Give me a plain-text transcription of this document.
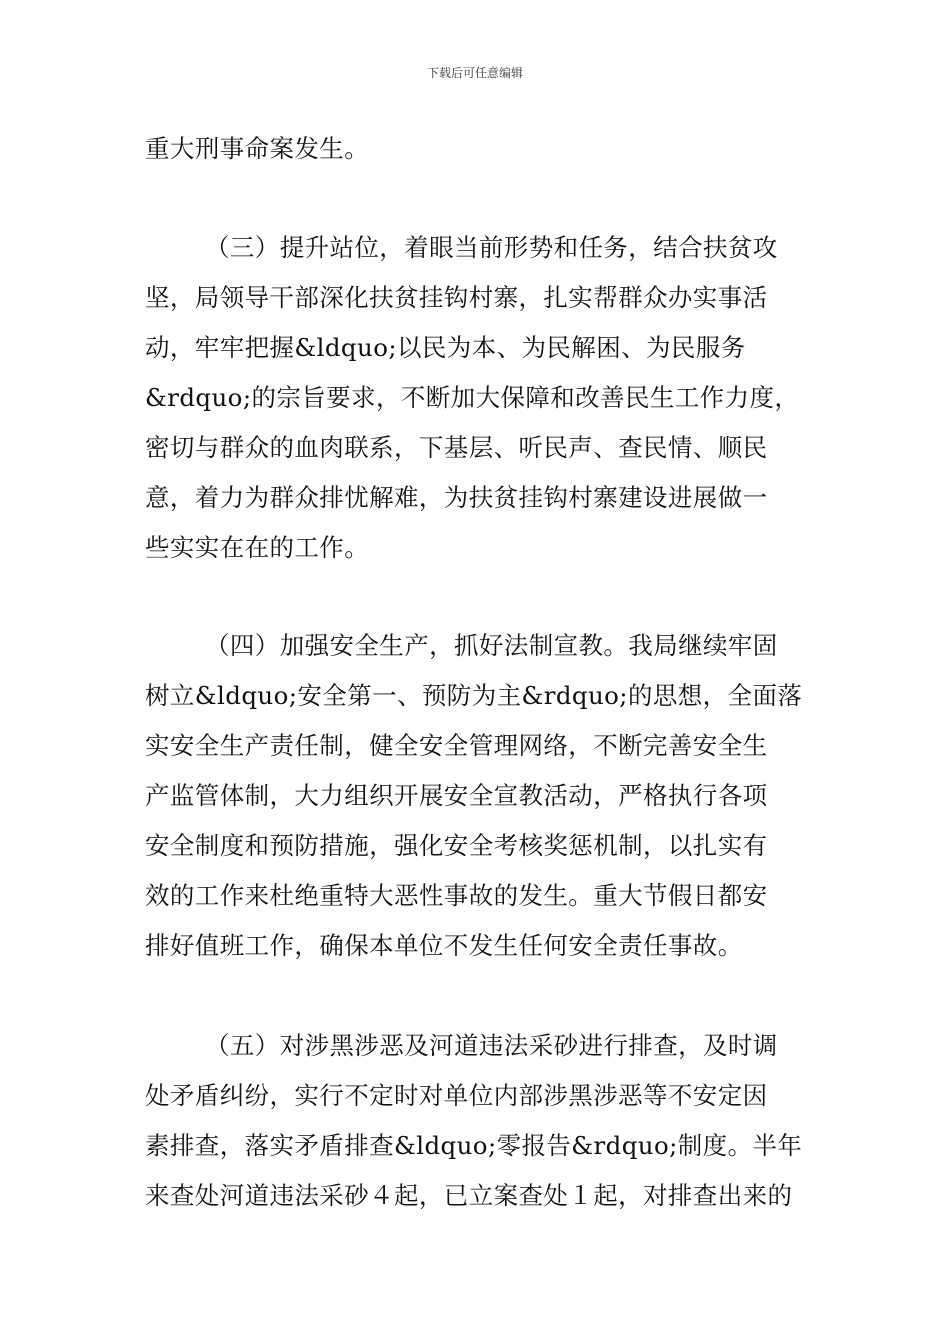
下载后可任意编辑
重大刑事命案发生。
（三）提升站位，着眼当前形势和任务，结合扶贫攻
坚，局领导干部深化扶贫挂钩村寨，扎实帮群众办实事活
动，牢牢把握&ldquo;以民为本、为民解困、为民服务
&rdquo;的宗旨要求，不断加大保障和改善民生工作力度，
密切与群众的血肉联系，下基层、听民声、查民情、顺民
意，着力为群众排忧解难，为扶贫挂钩村寨建设进展做一
些实实在在的工作。
（四）加强安全生产，抓好法制宣教。我局继续牢固
树立&ldquo;安全第一、预防为主&rdquo;的思想，全面落
实安全生产责任制，健全安全管理网络，不断完善安全生
产监管体制，大力组织开展安全宣教活动，严格执行各项
安全制度和预防措施，强化安全考核奖惩机制，以扎实有
效的工作来杜绝重特大恶性事故的发生。重大节假日都安
排好值班工作，确保本单位不发生任何安全责任事故。
（五）对涉黑涉恶及河道违法采砂进行排查，及时调
处矛盾纠纷，实行不定时对单位内部涉黑涉恶等不安定因
素排查，落实矛盾排查&ldquo;零报告&rdquo;制度。半年
来查处河道违法采砂４起，已立案查处１起，对排查出来的
